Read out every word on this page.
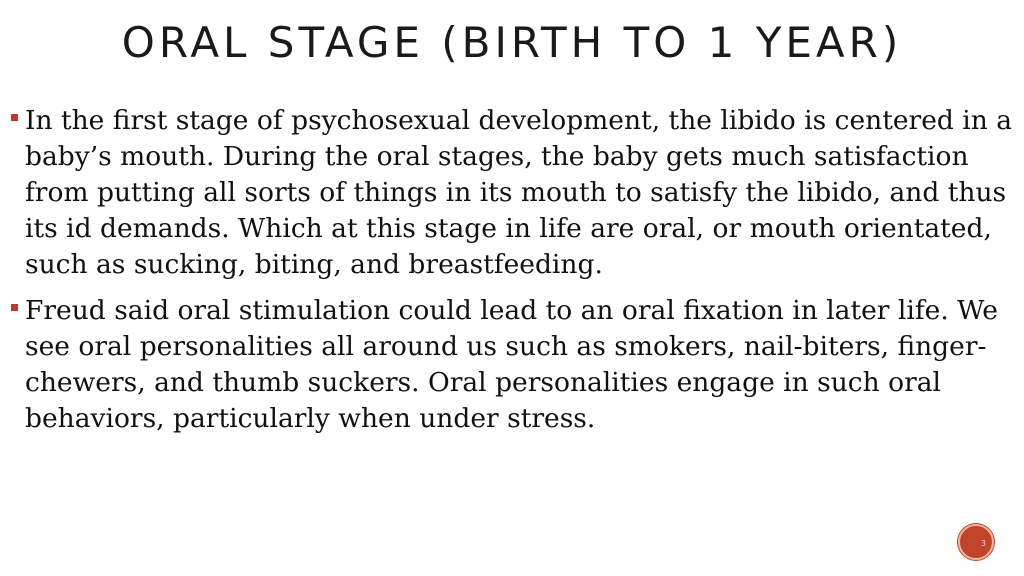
ORAL STAGE (BIRTH TO 1 YEAR)

In the first stage of psychosexual development, the libido is centered in a baby’s mouth. During the oral stages, the baby gets much satisfaction from putting all sorts of things in its mouth to satisfy the libido, and thus its id demands. Which at this stage in life are oral, or mouth orientated, such as sucking, biting, and breastfeeding.

Freud said oral stimulation could lead to an oral fixation in later life. We see oral personalities all around us such as smokers, nail-biters, finger-chewers, and thumb suckers. Oral personalities engage in such oral behaviors, particularly when under stress.

3
